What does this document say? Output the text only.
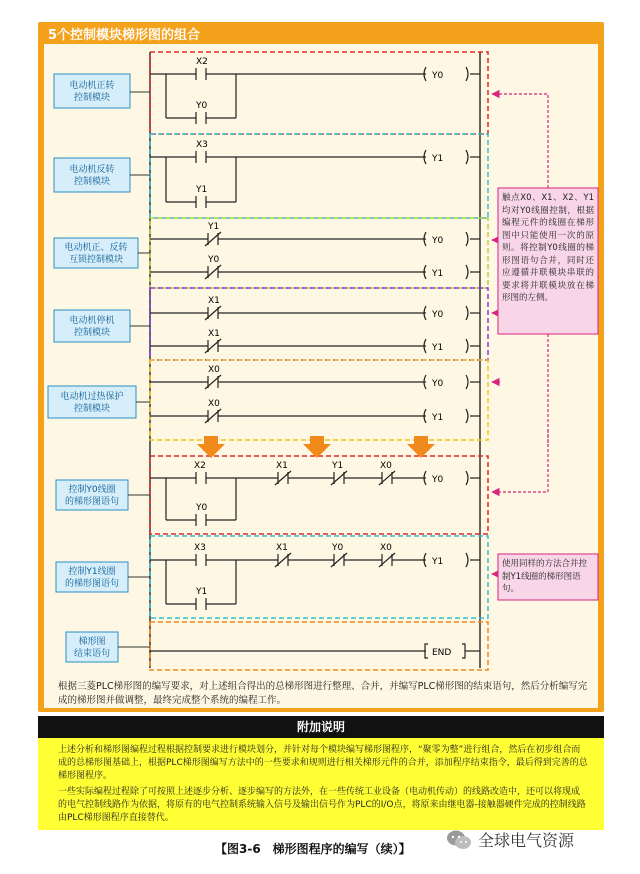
5个控制模块梯形图的组合
电动机正转
控制模块
电动机反转
控制模块
电动机正、反转
互锁控制模块
电动机停机
控制模块
电动机过热保护
控制模块
控制Y0线圈
的梯形图语句
控制Y1线圈
的梯形图语句
梯形图
结束语句
X2
Y0
Y0
X3
Y1
Y1
Y1
Y0
Y0
Y1
X1
Y0
X1
Y1
X0
Y0
X0
Y1
X2	X1	Y1	X0
Y0
Y0
X3	X1	Y0	X0
Y1
Y1
END
触点X0、X1、X2、Y1均对Y0线圈控制，根据编程元件的线圈在梯形图中只能使用一次的原则。将控制Y0线圈的梯形图语句合并，同时还应遵循并联模块串联的要求将并联模块放在梯形图的左侧。
使用同样的方法合并控制Y1线圈的梯形图语句。
根据三菱PLC梯形图的编写要求，对上述组合得出的总梯形图进行整理、合并，并编写PLC梯形图的结束语句，然后分析编写完成的梯形图并做调整，最终完成整个系统的编程工作。
附加说明
上述分析和梯形图编程过程根据控制要求进行模块划分，并针对每个模块编写梯形图程序，“聚零为整”进行组合，然后在初步组合而成的总梯形图基础上，根据PLC梯形图编写方法中的一些要求和规则进行相关梯形元件的合并，添加程序结束指令，最后得到完善的总梯形图程序。
一些实际编程过程除了可按照上述逐步分析、逐步编写的方法外，在一些传统工业设备（电动机传动）的线路改造中，还可以将现成的电气控制线路作为依据，将原有的电气控制系统输入信号及输出信号作为PLC的I/O点，将原来由继电器-接触器硬件完成的控制线路由PLC梯形图程序直接替代。
【图3-6　梯形图程序的编写（续）】	全球电气资源
